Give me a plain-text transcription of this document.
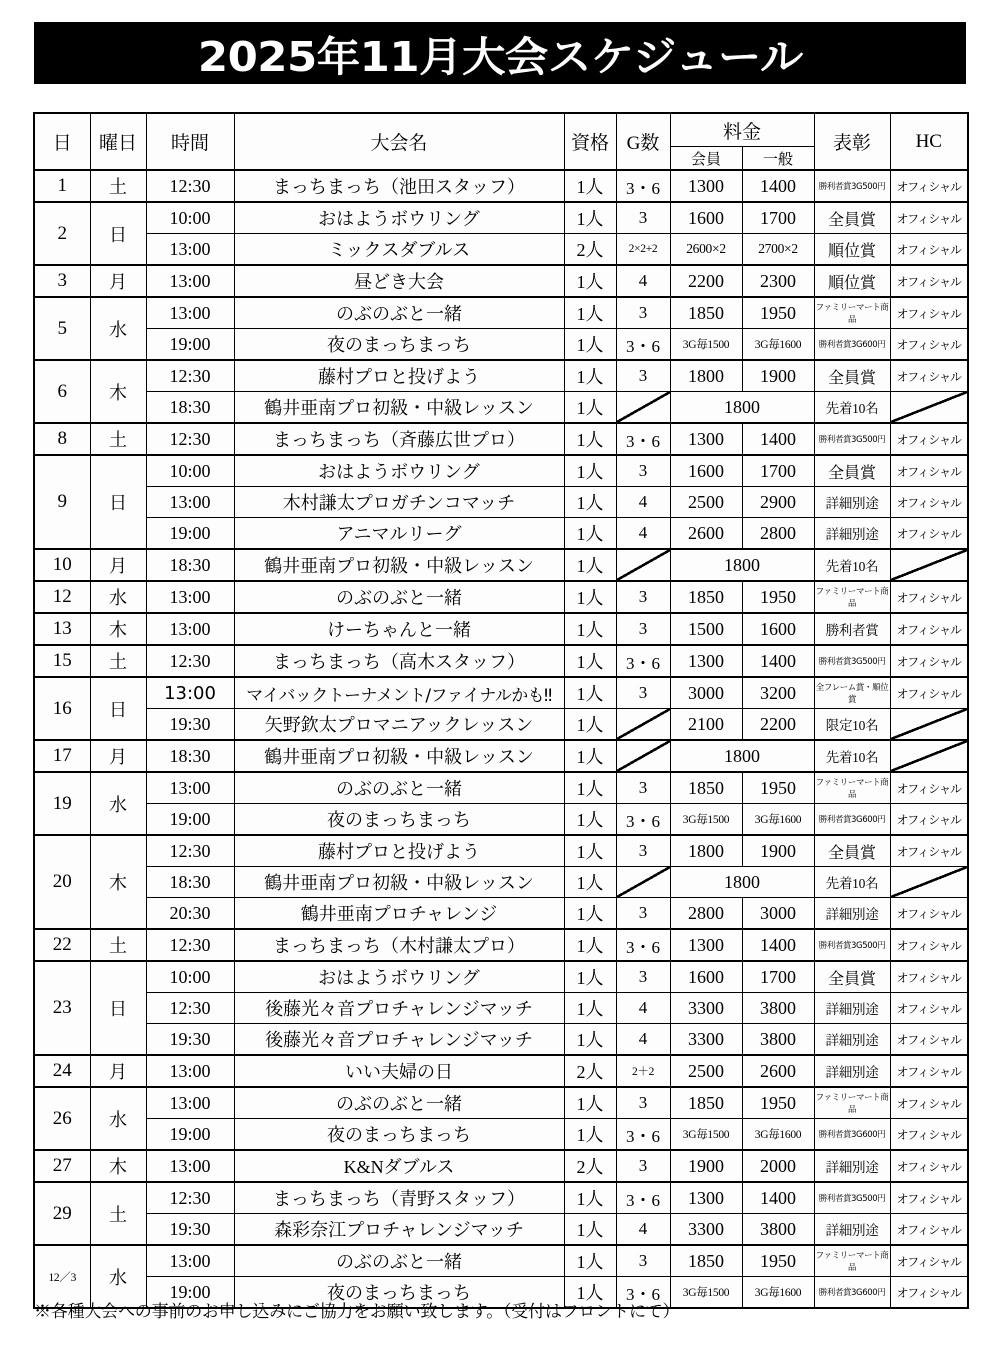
2025年11月大会スケジュール
日	曜日	時間	大会名	資格	G数	料金		表彰	HC
						会員	一般		
1	土	12:30	まっちまっち（池田スタッフ）	1人	3・6	1300	1400	勝利者賞3G500円	オフィシャル
2	日	10:00	おはようボウリング	1人	3	1600	1700	全員賞	オフィシャル
		13:00	ミックスダブルス	2人	2×2+2	2600×2	2700×2	順位賞	オフィシャル
3	月	13:00	昼どき大会	1人	4	2200	2300	順位賞	オフィシャル
5	水	13:00	のぶのぶと一緒	1人	3	1850	1950	ファミリーマート商品	オフィシャル
		19:00	夜のまっちまっち	1人	3・6	3G毎1500	3G毎1600	勝利者賞3G600円	オフィシャル
6	木	12:30	藤村プロと投げよう	1人	3	1800	1900	全員賞	オフィシャル
		18:30	鶴井亜南プロ初級・中級レッスン	1人		1800		先着10名	
8	土	12:30	まっちまっち（斉藤広世プロ）	1人	3・6	1300	1400	勝利者賞3G500円	オフィシャル
9	日	10:00	おはようボウリング	1人	3	1600	1700	全員賞	オフィシャル
		13:00	木村謙太プロガチンコマッチ	1人	4	2500	2900	詳細別途	オフィシャル
		19:00	アニマルリーグ	1人	4	2600	2800	詳細別途	オフィシャル
10	月	18:30	鶴井亜南プロ初級・中級レッスン	1人		1800		先着10名	
12	水	13:00	のぶのぶと一緒	1人	3	1850	1950	ファミリーマート商品	オフィシャル
13	木	13:00	けーちゃんと一緒	1人	3	1500	1600	勝利者賞	オフィシャル
15	土	12:30	まっちまっち（高木スタッフ）	1人	3・6	1300	1400	勝利者賞3G500円	オフィシャル
16	日	13:00	マイバックトーナメント/ファイナルかも‼	1人	3	3000	3200	全フレーム賞・順位賞	オフィシャル
		19:30	矢野欽太プロマニアックレッスン	1人		2100	2200	限定10名	
17	月	18:30	鶴井亜南プロ初級・中級レッスン	1人		1800		先着10名	
19	水	13:00	のぶのぶと一緒	1人	3	1850	1950	ファミリーマート商品	オフィシャル
		19:00	夜のまっちまっち	1人	3・6	3G毎1500	3G毎1600	勝利者賞3G600円	オフィシャル
20	木	12:30	藤村プロと投げよう	1人	3	1800	1900	全員賞	オフィシャル
		18:30	鶴井亜南プロ初級・中級レッスン	1人		1800		先着10名	
		20:30	鶴井亜南プロチャレンジ	1人	3	2800	3000	詳細別途	オフィシャル
22	土	12:30	まっちまっち（木村謙太プロ）	1人	3・6	1300	1400	勝利者賞3G500円	オフィシャル
23	日	10:00	おはようボウリング	1人	3	1600	1700	全員賞	オフィシャル
		12:30	後藤光々音プロチャレンジマッチ	1人	4	3300	3800	詳細別途	オフィシャル
		19:30	後藤光々音プロチャレンジマッチ	1人	4	3300	3800	詳細別途	オフィシャル
24	月	13:00	いい夫婦の日	2人	2＋2	2500	2600	詳細別途	オフィシャル
26	水	13:00	のぶのぶと一緒	1人	3	1850	1950	ファミリーマート商品	オフィシャル
		19:00	夜のまっちまっち	1人	3・6	3G毎1500	3G毎1600	勝利者賞3G600円	オフィシャル
27	木	13:00	K&Nダブルス	2人	3	1900	2000	詳細別途	オフィシャル
29	土	12:30	まっちまっち（青野スタッフ）	1人	3・6	1300	1400	勝利者賞3G500円	オフィシャル
		19:30	森彩奈江プロチャレンジマッチ	1人	4	3300	3800	詳細別途	オフィシャル
12／3	水	13:00	のぶのぶと一緒	1人	3	1850	1950	ファミリーマート商品	オフィシャル
		19:00	夜のまっちまっち	1人	3・6	3G毎1500	3G毎1600	勝利者賞3G600円	オフィシャル
※各種大会への事前のお申し込みにご協力をお願い致します。（受付はフロントにて）
